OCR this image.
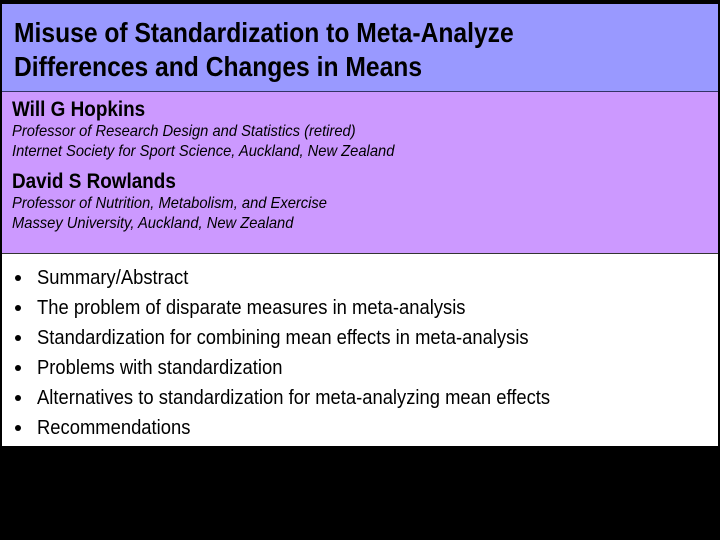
Misuse of Standardization to Meta-Analyze
Differences and Changes in Means
Will G Hopkins
Professor of Research Design and Statistics (retired)
Internet Society for Sport Science, Auckland, New Zealand
David S Rowlands
Professor of Nutrition, Metabolism, and Exercise
Massey University, Auckland, New Zealand
Summary/Abstract
The problem of disparate measures in meta-analysis
Standardization for combining mean effects in meta-analysis
Problems with standardization
Alternatives to standardization for meta-analyzing mean effects
Recommendations
